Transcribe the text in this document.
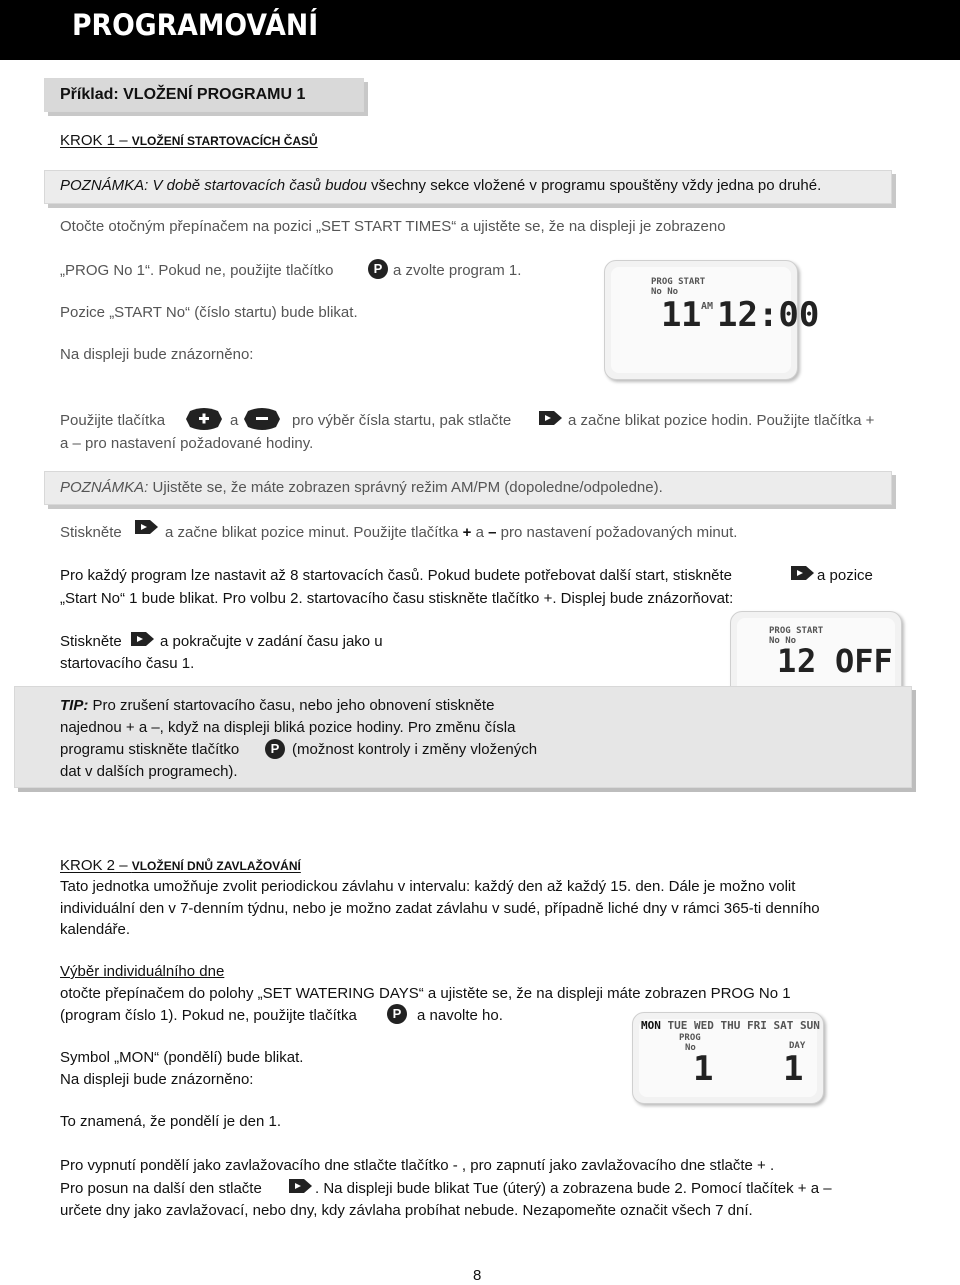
PROGRAMOVÁNÍ
Příklad: VLOŽENÍ PROGRAMU 1
KROK 1 – VLOŽENÍ STARTOVACÍCH ČASŮ
POZNÁMKA: V době startovacích časů budou všechny sekce vložené v programu spouštěny vždy jedna po druhé.
Otočte otočným přepínačem na pozici „SET START TIMES“ a ujistěte se, že na displeji je zobrazeno
„PROG No 1“. Pokud ne, použijte tlačítko	P a zvolte program 1.
Pozice „START No“ (číslo startu) bude blikat.
Na displeji bude znázorněno:
PROG START
No No
1
1
AM 12:00
Použijte tlačítka	a	pro výběr čísla startu, pak stlačte	a začne blikat pozice hodin. Použijte tlačítka +
a – pro nastavení požadované hodiny.
POZNÁMKA: Ujistěte se, že máte zobrazen správný režim AM/PM (dopoledne/odpoledne).
Stiskněte	a začne blikat pozice minut. Použijte tlačítka + a – pro nastavení požadovaných minut.
Pro každý program lze nastavit až 8 startovacích časů. Pokud budete potřebovat další start, stiskněte	a pozice
„Start No“ 1 bude blikat. Pro volbu 2. startovacího času stiskněte tlačítko +. Displej bude znázorňovat:
Stiskněte	a pokračujte v zadání času jako u
startovacího času 1.
PROG START
No No
1
2 OFF
TIP: Pro zrušení startovacího času, nebo jeho obnovení stiskněte
najednou + a –, když na displeji bliká pozice hodiny. Pro změnu čísla
programu stiskněte tlačítko	P (možnost kontroly i změny vložených
dat v dalších programech).
KROK 2 – VLOŽENÍ DNŮ ZAVLAŽOVÁNÍ
Tato jednotka umožňuje zvolit periodickou závlahu v intervalu: každý den až každý 15. den. Dále je možno volit
individuální den v 7-denním týdnu, nebo je možno zadat závlahu v sudé, případně liché dny v rámci 365-ti denního
kalendáře.
Výběr individuálního dne
otočte přepínačem do polohy „SET WATERING DAYS“ a ujistěte se, že na displeji máte zobrazen PROG No 1
(program číslo 1). Pokud ne, použijte tlačítka	P	a navolte ho.
Symbol „MON“ (pondělí) bude blikat.
Na displeji bude znázorněno:
To znamená, že pondělí je den 1.
MON TUE WED THU FRI SAT SUN
PROG
No	DAY
1 1
Pro vypnutí pondělí jako zavlažovacího dne stlačte tlačítko - , pro zapnutí jako zavlažovacího dne stlačte + .
Pro posun na další den stlačte	. Na displeji bude blikat Tue (úterý) a zobrazena bude 2. Pomocí tlačítek + a –
určete dny jako zavlažovací, nebo dny, kdy závlaha probíhat nebude. Nezapomeňte označit všech 7 dní.
8
